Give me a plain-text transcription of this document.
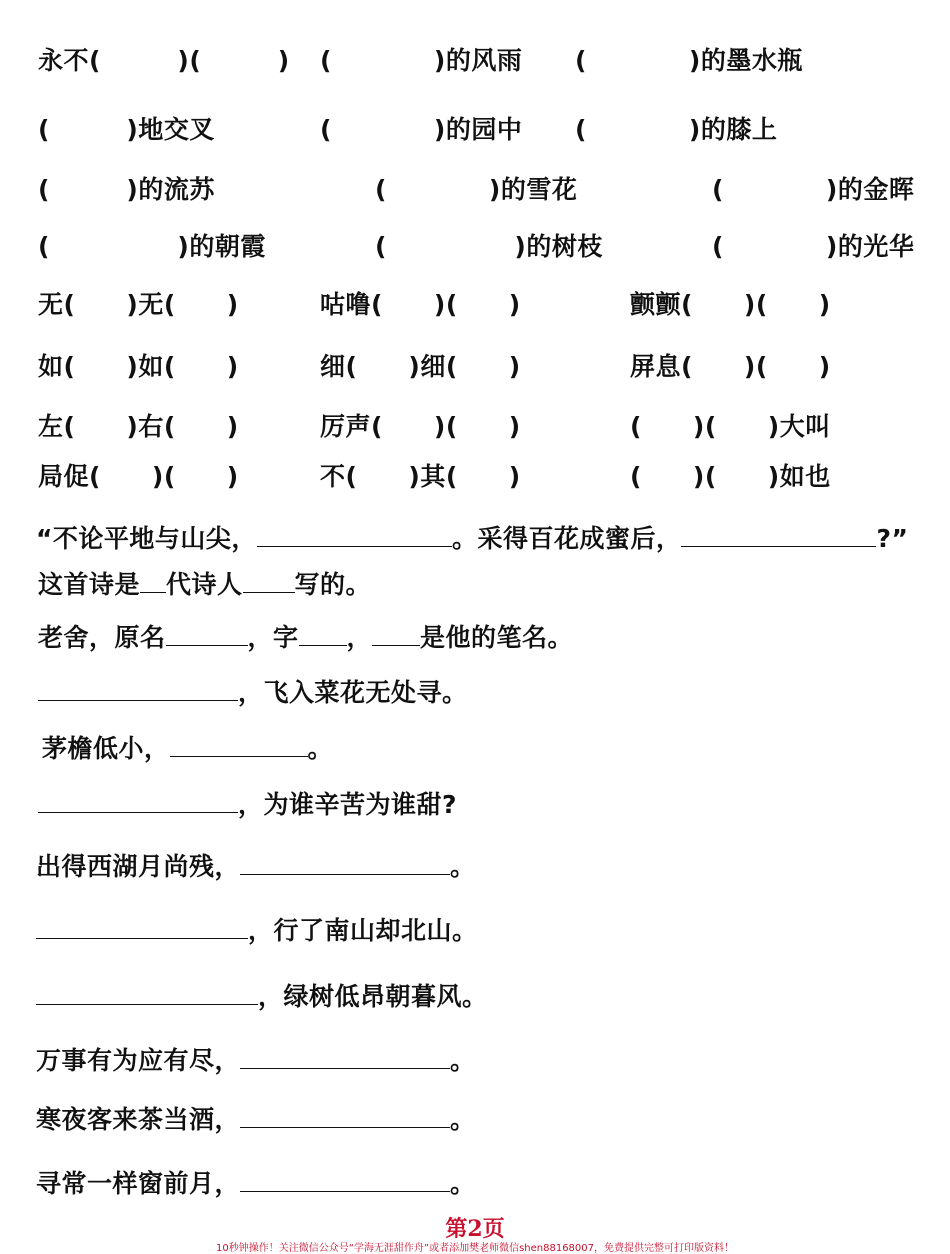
永不(　　　)(　　　) (　　　　)的风雨 (　　　　)的墨水瓶
(　　　)地交叉	(　　　　)的园中 (　　　　)的膝上
(　　　)的流苏	(　　　　)的雪花	(　　　　)的金晖
(　　　　　)的朝霞	(　　　　　)的树枝	(　　　　)的光华
无(　　)无(　　)	咕噜(　　)(　　)	颤颤(　　)(　　)
如(　　)如(　　)	细(　　)细(　　)	屏息(　　)(　　)
左(　　)右(　　)	厉声(　　)(　　)	(　　)(　　)大叫
局促(　　)(　　)	不(　　)其(　　)	(　　)(　　)如也
“不论平地与山尖，	。采得百花成蜜后，	?”
这首诗是 代诗人 写的。
老舍，原名	，字 ， 是他的笔名。
，飞入菜花无处寻。
茅檐低小，	。
，为谁辛苦为谁甜?
出得西湖月尚残，	。
，行了南山却北山。
，绿树低昂朝暮风。
万事有为应有尽，	。
寒夜客来茶当酒，	。
寻常一样窗前月，	。
第2页
10秒钟操作！关注微信公众号“学海无涯甜作舟”或者添加樊老师微信shen88168007，免费提供完整可打印版资料！
